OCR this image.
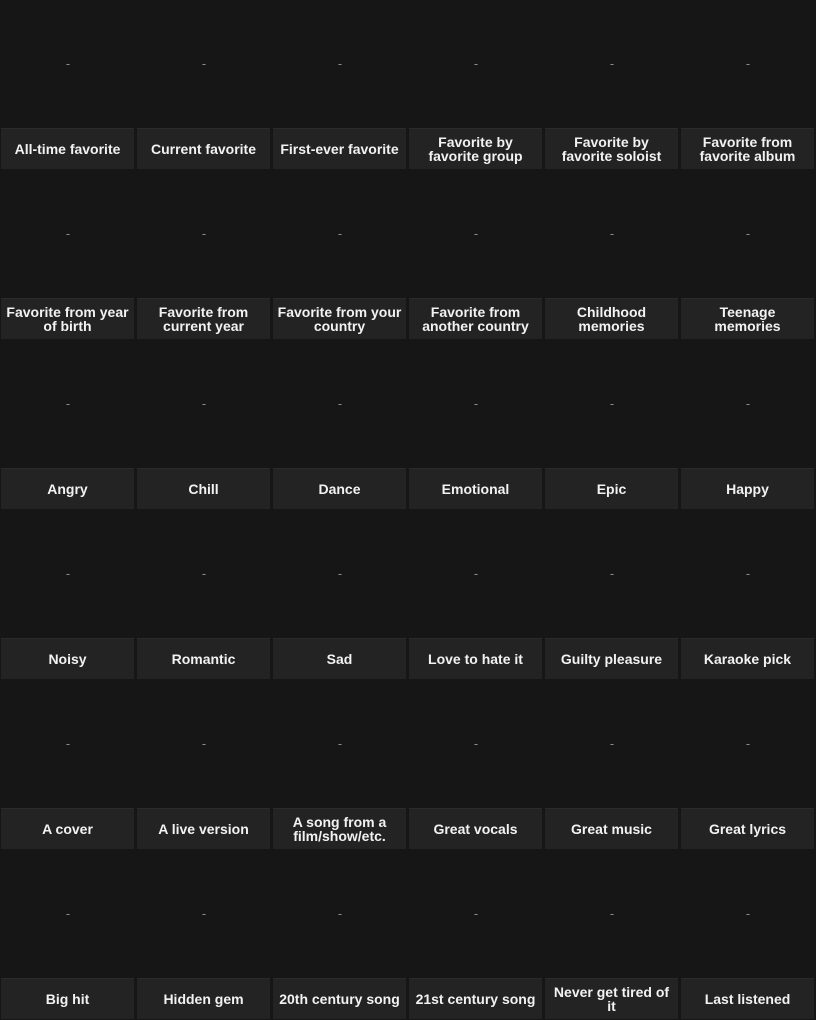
-
All-time favorite
-
Current favorite
-
First-ever favorite
-
Favorite by favorite group
-
Favorite by favorite soloist
-
Favorite from favorite album
-
Favorite from year of birth
-
Favorite from current year
-
Favorite from your country
-
Favorite from another country
-
Childhood memories
-
Teenage memories
-
Angry
-
Chill
-
Dance
-
Emotional
-
Epic
-
Happy
-
Noisy
-
Romantic
-
Sad
-
Love to hate it
-
Guilty pleasure
-
Karaoke pick
-
A cover
-
A live version
-
A song from a film/show/etc.
-
Great vocals
-
Great music
-
Great lyrics
-
Big hit
-
Hidden gem
-
20th century song
-
21st century song
-
Never get tired of it
-
Last listened
